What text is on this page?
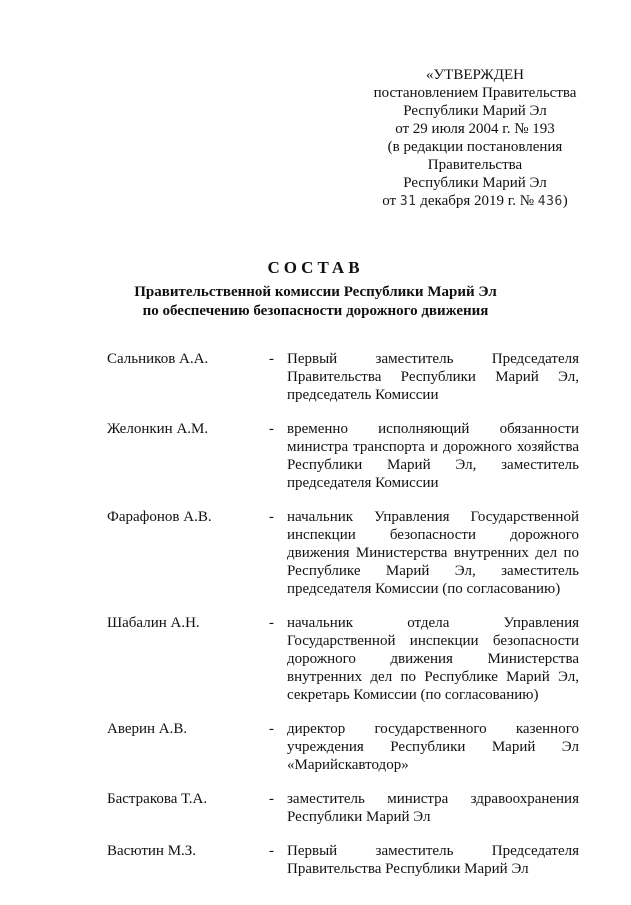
«УТВЕРЖДЕН
постановлением Правительства
Республики Марий Эл
от 29 июля 2004 г. № 193
(в редакции постановления
Правительства
Республики Марий Эл
от 31 декабря 2019 г. № 436)
СОСТАВ
Правительственной комиссии Республики Марий Эл
по обеспечению безопасности дорожного движения
Сальников А.А.	- Первый заместитель Председателя Правительства Республики Марий Эл, председатель Комиссии
Желонкин А.М.	- временно исполняющий обязанности министра транспорта и дорожного хозяйства Республики Марий Эл, заместитель председателя Комиссии
Фарафонов А.В.	- начальник Управления Государственной инспекции безопасности дорожного движения Министерства внутренних дел по Республике Марий Эл, заместитель председателя Комиссии (по согласованию)
Шабалин А.Н.	- начальник отдела Управления Государственной инспекции безопасности дорожного движения Министерства внутренних дел по Республике Марий Эл, секретарь Комиссии (по согласованию)
Аверин А.В.	- директор государственного казенного учреждения Республики Марий Эл «Марийскавтодор»
Бастракова Т.А.	- заместитель министра здравоохранения Республики Марий Эл
Васютин М.З.	- Первый заместитель Председателя Правительства Республики Марий Эл
